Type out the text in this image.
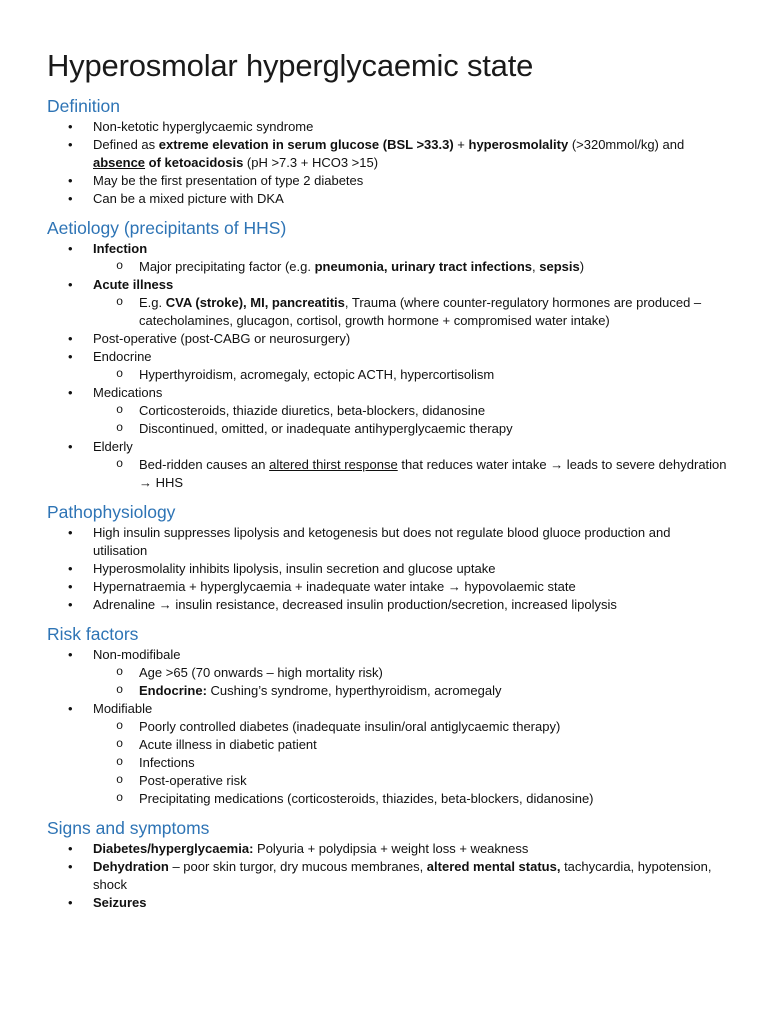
Hyperosmolar hyperglycaemic state
Definition
• Non-ketotic hyperglycaemic syndrome
• Defined as extreme elevation in serum glucose (BSL >33.3) + hyperosmolality (>320mmol/kg) and absence of ketoacidosis (pH >7.3 + HCO3 >15)
• May be the first presentation of type 2 diabetes
• Can be a mixed picture with DKA
Aetiology (precipitants of HHS)
• Infection
o Major precipitating factor (e.g. pneumonia, urinary tract infections, sepsis)
• Acute illness
o E.g. CVA (stroke), MI, pancreatitis, Trauma (where counter-regulatory hormones are produced – catecholamines, glucagon, cortisol, growth hormone + compromised water intake)
• Post-operative (post-CABG or neurosurgery)
• Endocrine
o Hyperthyroidism, acromegaly, ectopic ACTH, hypercortisolism
• Medications
o Corticosteroids, thiazide diuretics, beta-blockers, didanosine
o Discontinued, omitted, or inadequate antihyperglycaemic therapy
• Elderly
o Bed-ridden causes an altered thirst response that reduces water intake → leads to severe dehydration → HHS
Pathophysiology
• High insulin suppresses lipolysis and ketogenesis but does not regulate blood gluoce production and utilisation
• Hyperosmolality inhibits lipolysis, insulin secretion and glucose uptake
• Hypernatraemia + hyperglycaemia + inadequate water intake → hypovolaemic state
• Adrenaline → insulin resistance, decreased insulin production/secretion, increased lipolysis
Risk factors
• Non-modifibale
o Age >65 (70 onwards – high mortality risk)
o Endocrine: Cushing’s syndrome, hyperthyroidism, acromegaly
• Modifiable
o Poorly controlled diabetes (inadequate insulin/oral antiglycaemic therapy)
o Acute illness in diabetic patient
o Infections
o Post-operative risk
o Precipitating medications (corticosteroids, thiazides, beta-blockers, didanosine)
Signs and symptoms
• Diabetes/hyperglycaemia: Polyuria + polydipsia + weight loss + weakness
• Dehydration – poor skin turgor, dry mucous membranes, altered mental status, tachycardia, hypotension, shock
• Seizures
